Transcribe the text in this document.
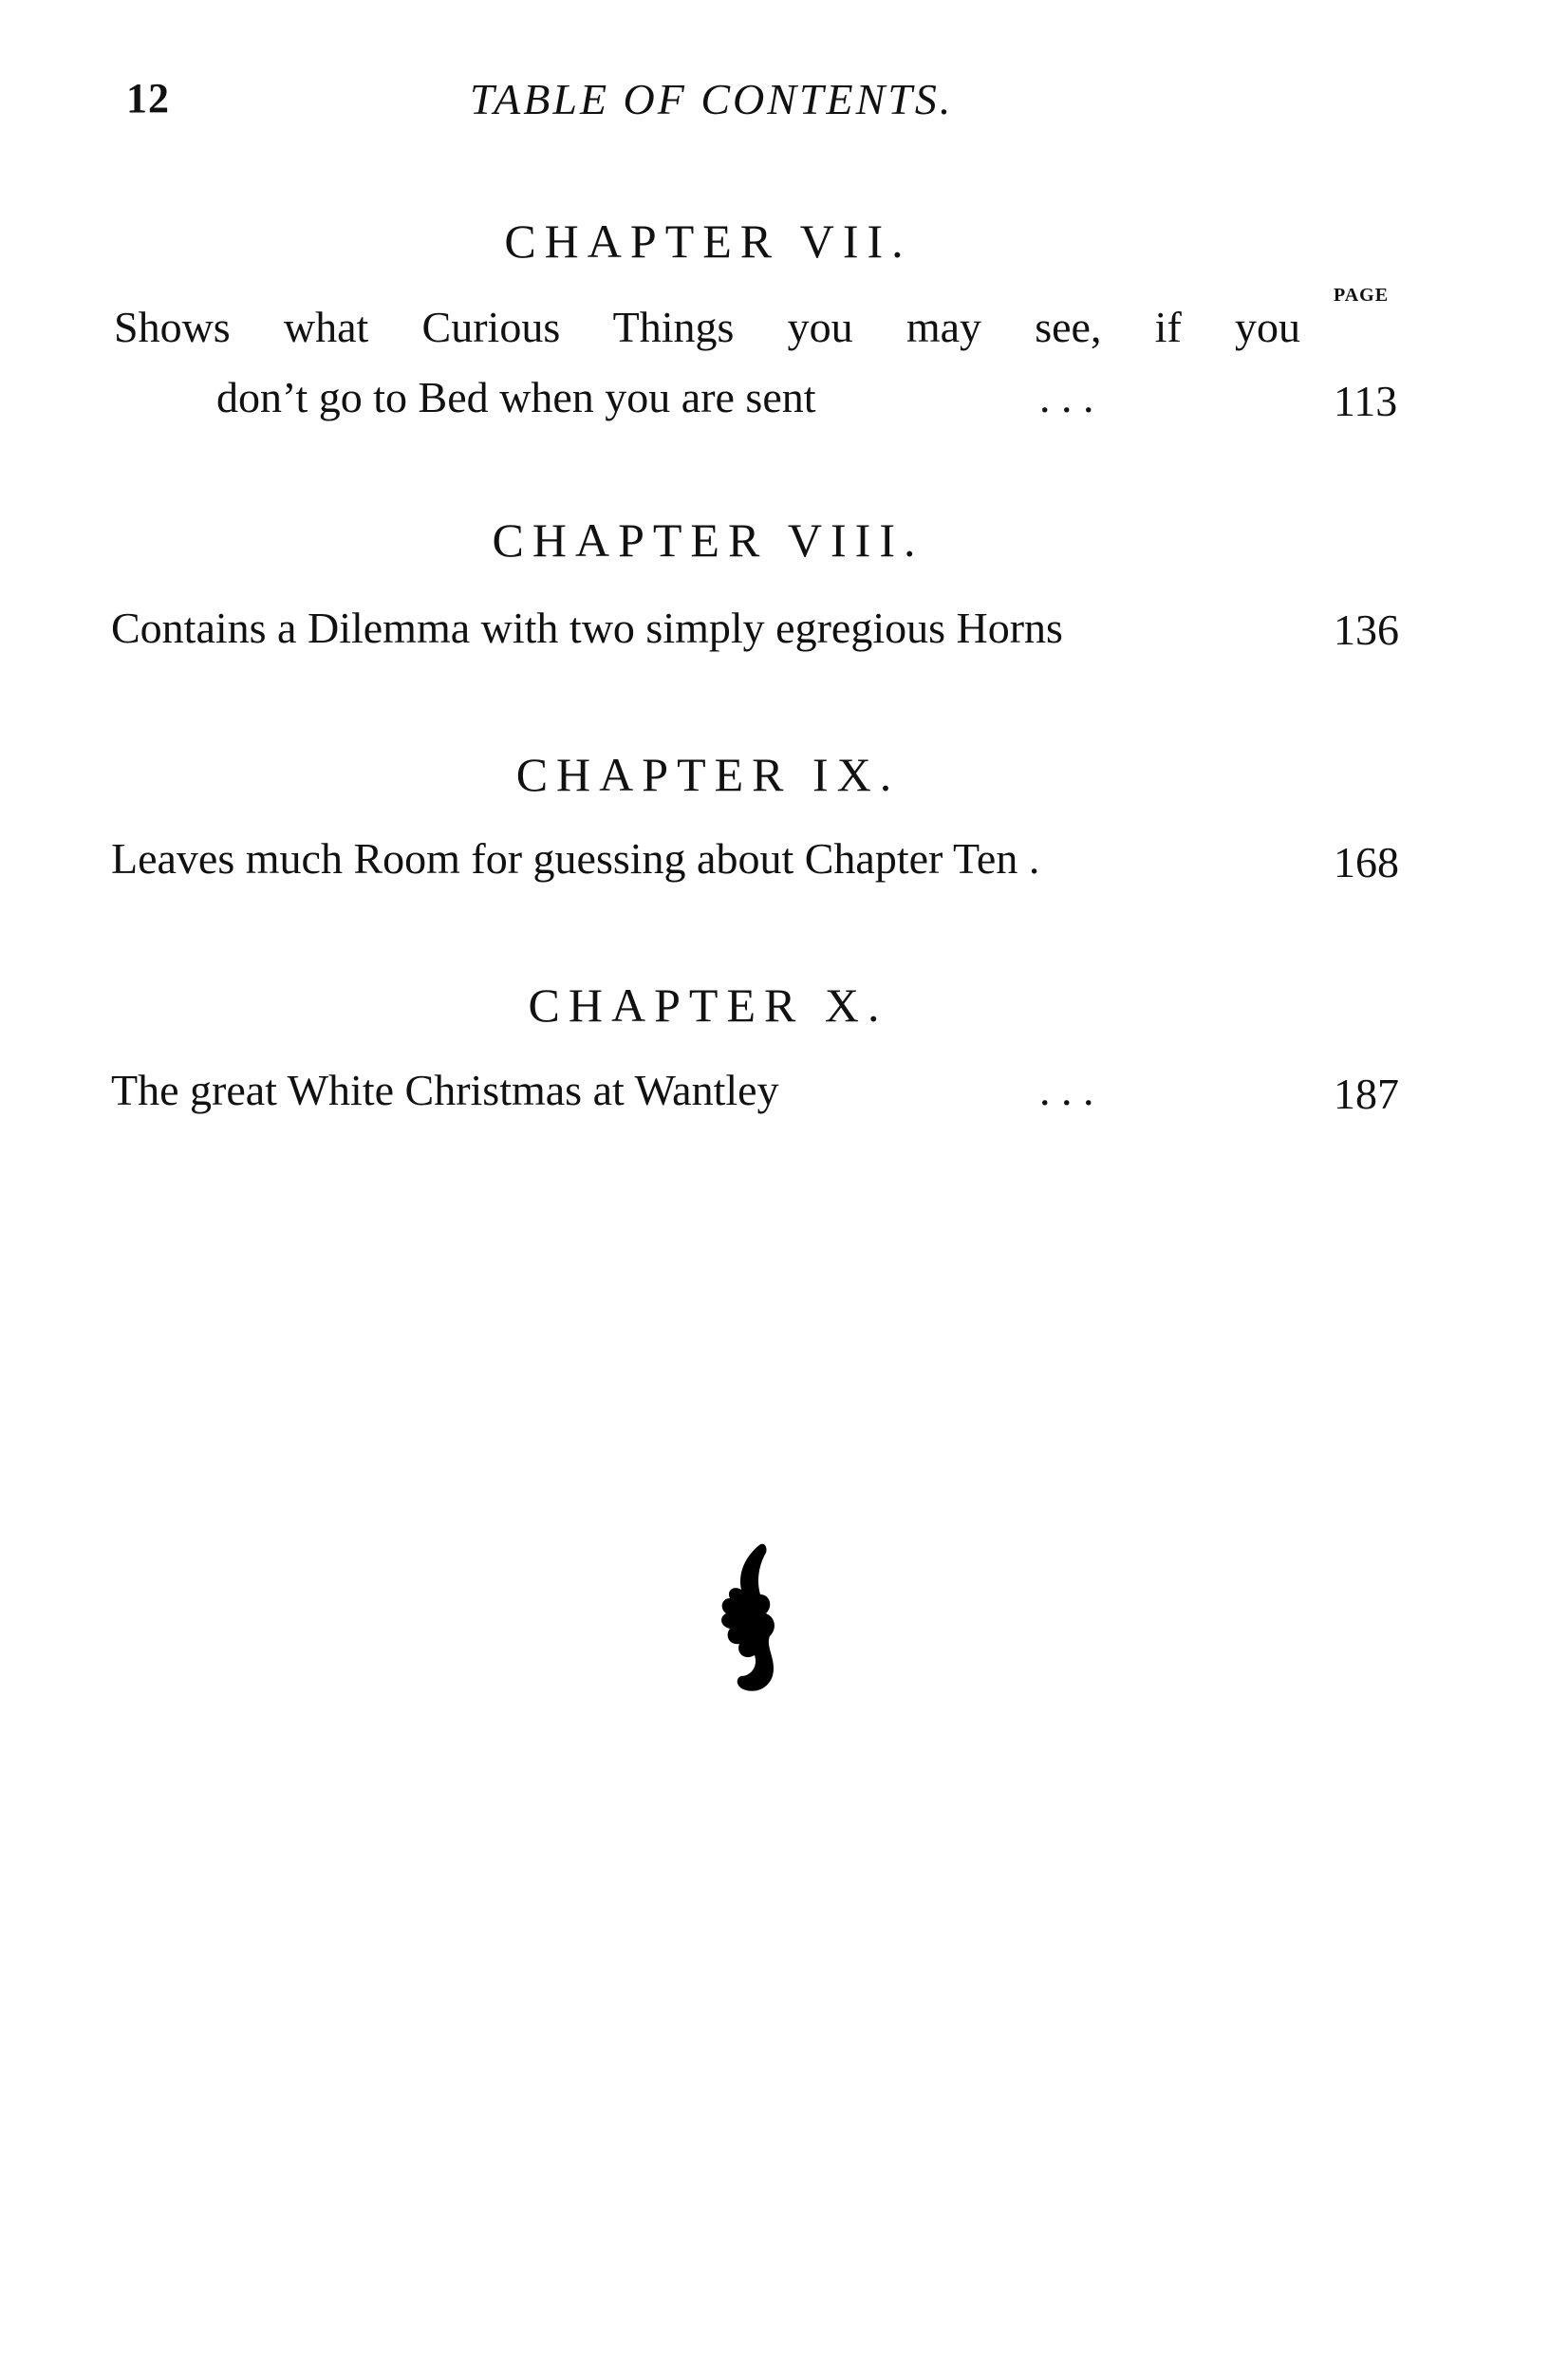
12	TABLE OF CONTENTS.
CHAPTER VII.
PAGE
Shows what Curious Things you may see, if you
don’t go to Bed when you are sent	. . .	113
CHAPTER VIII.
Contains a Dilemma with two simply egregious Horns	136
CHAPTER IX.
Leaves much Room for guessing about Chapter Ten .	168
CHAPTER X.
The great White Christmas at Wantley	. . .	187
